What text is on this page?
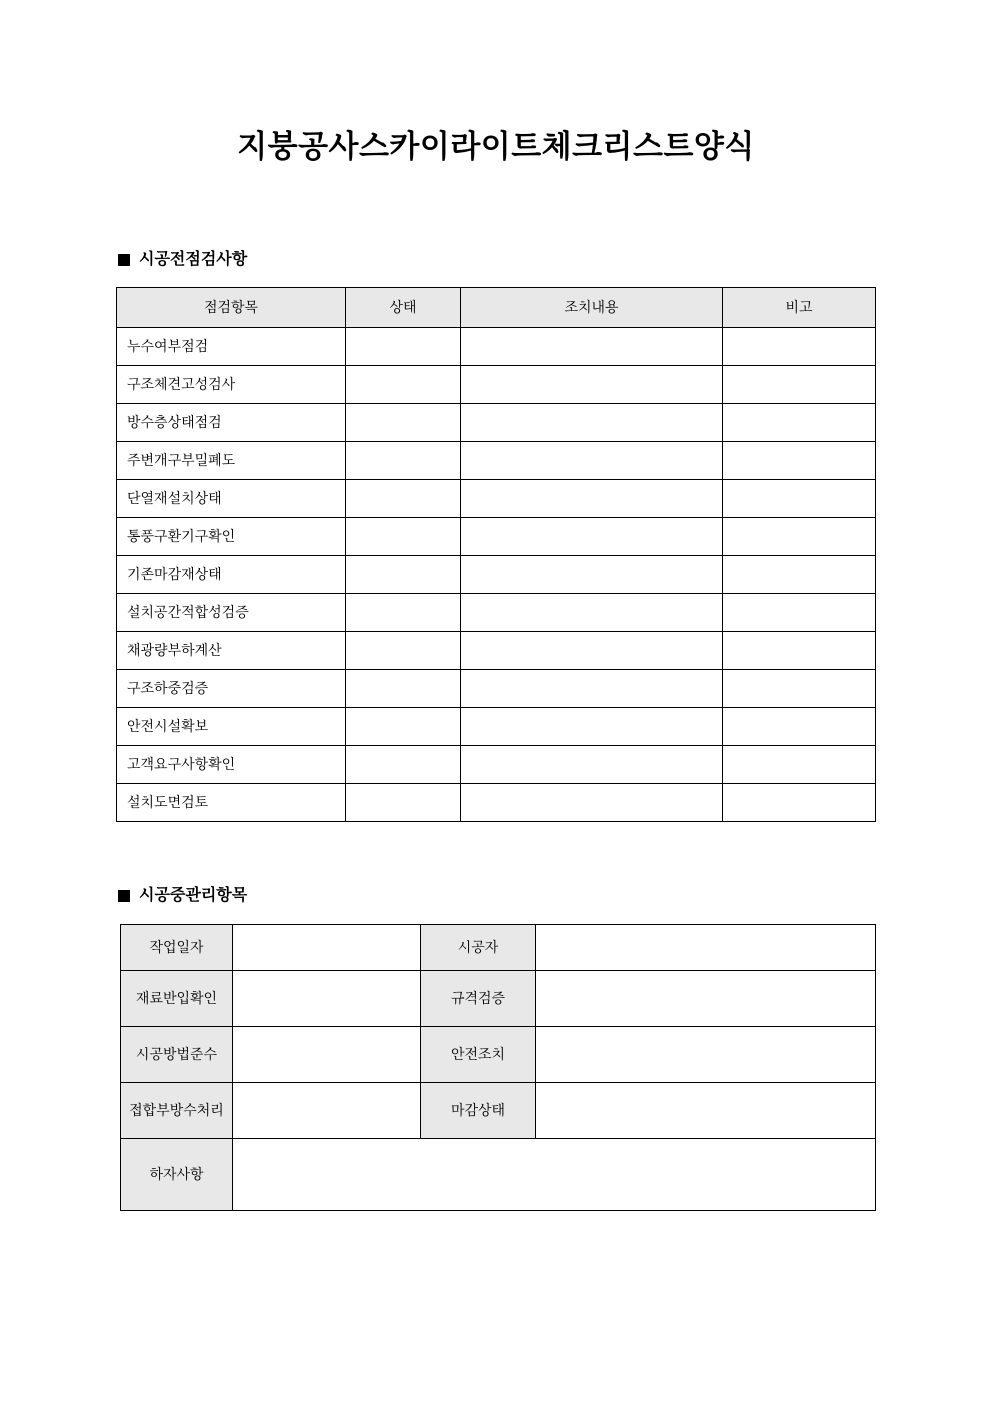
지붕공사스카이라이트체크리스트양식
시공전점검사항
점검항목	상태	조치내용	비고
누수여부점검			
구조체견고성검사			
방수층상태점검			
주변개구부밀폐도			
단열재설치상태			
통풍구환기구확인			
기존마감재상태			
설치공간적합성검증			
채광량부하계산			
구조하중검증			
안전시설확보			
고객요구사항확인			
설치도면검토			
시공중관리항목
작업일자		시공자	
재료반입확인		규격검증	
시공방법준수		안전조치	
접합부방수처리		마감상태	
하자사항			
